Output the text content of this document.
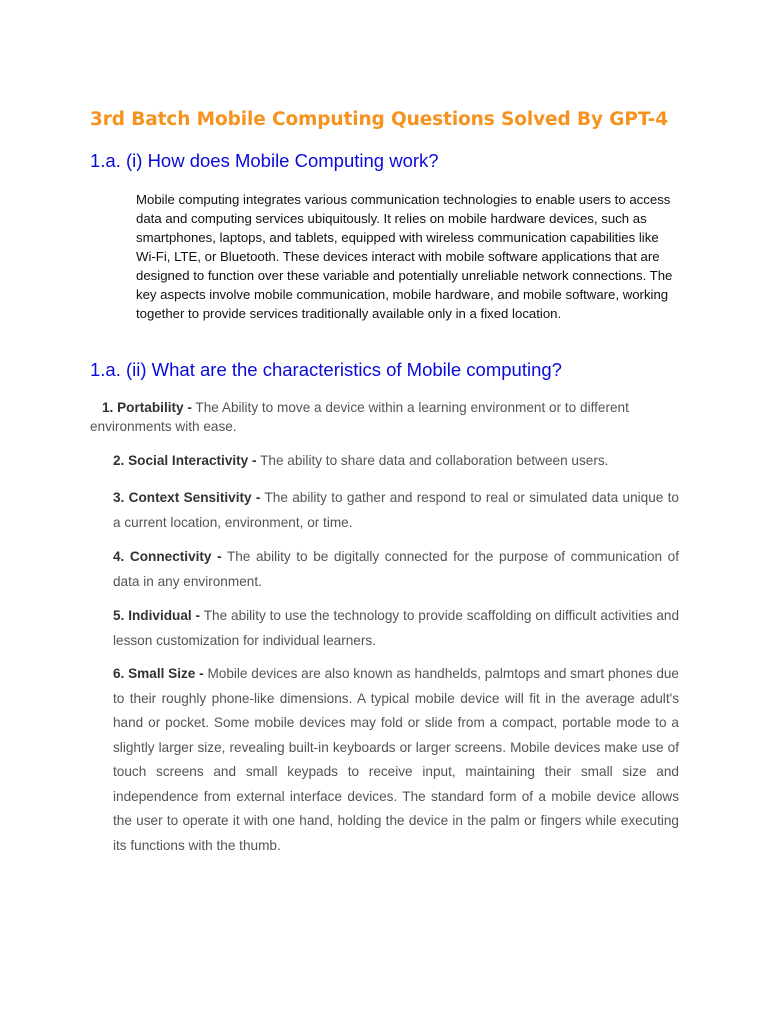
3rd Batch Mobile Computing Questions Solved By GPT-4
1.a. (i) How does Mobile Computing work?

Mobile computing integrates various communication technologies to enable users to access data and computing services ubiquitously. It relies on mobile hardware devices, such as smartphones, laptops, and tablets, equipped with wireless communication capabilities like Wi-Fi, LTE, or Bluetooth. These devices interact with mobile software applications that are designed to function over these variable and potentially unreliable network connections. The key aspects involve mobile communication, mobile hardware, and mobile software, working together to provide services traditionally available only in a fixed location.

1.a. (ii) What are the characteristics of Mobile computing?

1. Portability - The Ability to move a device within a learning environment or to different environments with ease.

2. Social Interactivity - The ability to share data and collaboration between users.

3. Context Sensitivity - The ability to gather and respond to real or simulated data unique to a current location, environment, or time.

4. Connectivity - The ability to be digitally connected for the purpose of communication of data in any environment.

5. Individual - The ability to use the technology to provide scaffolding on difficult activities and lesson customization for individual learners.

6. Small Size - Mobile devices are also known as handhelds, palmtops and smart phones due to their roughly phone-like dimensions. A typical mobile device will fit in the average adult's hand or pocket. Some mobile devices may fold or slide from a compact, portable mode to a slightly larger size, revealing built-in keyboards or larger screens. Mobile devices make use of touch screens and small keypads to receive input, maintaining their small size and independence from external interface devices. The standard form of a mobile device allows the user to operate it with one hand, holding the device in the palm or fingers while executing its functions with the thumb.
